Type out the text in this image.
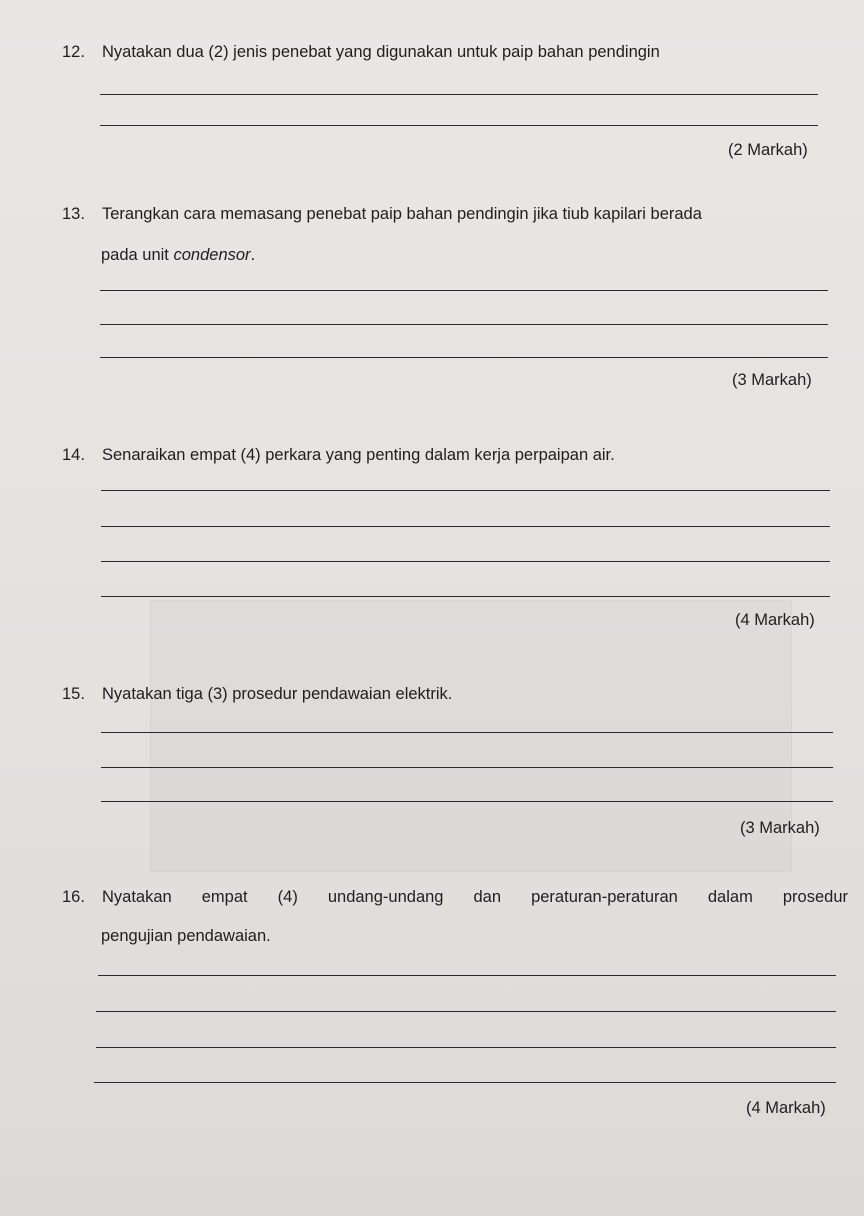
12. Nyatakan dua (2) jenis penebat yang digunakan untuk paip bahan pendingin
(2 Markah)
13. Terangkan cara memasang penebat paip bahan pendingin jika tiub kapilari berada
pada unit condensor.
(3 Markah)
14. Senaraikan empat (4) perkara yang penting dalam kerja perpaipan air.
(4 Markah)
15. Nyatakan tiga (3) prosedur pendawaian elektrik.
(3 Markah)
16.	Nyatakan empat (4) undang-undang dan peraturan-peraturan dalam prosedur
pengujian pendawaian.
(4 Markah)
